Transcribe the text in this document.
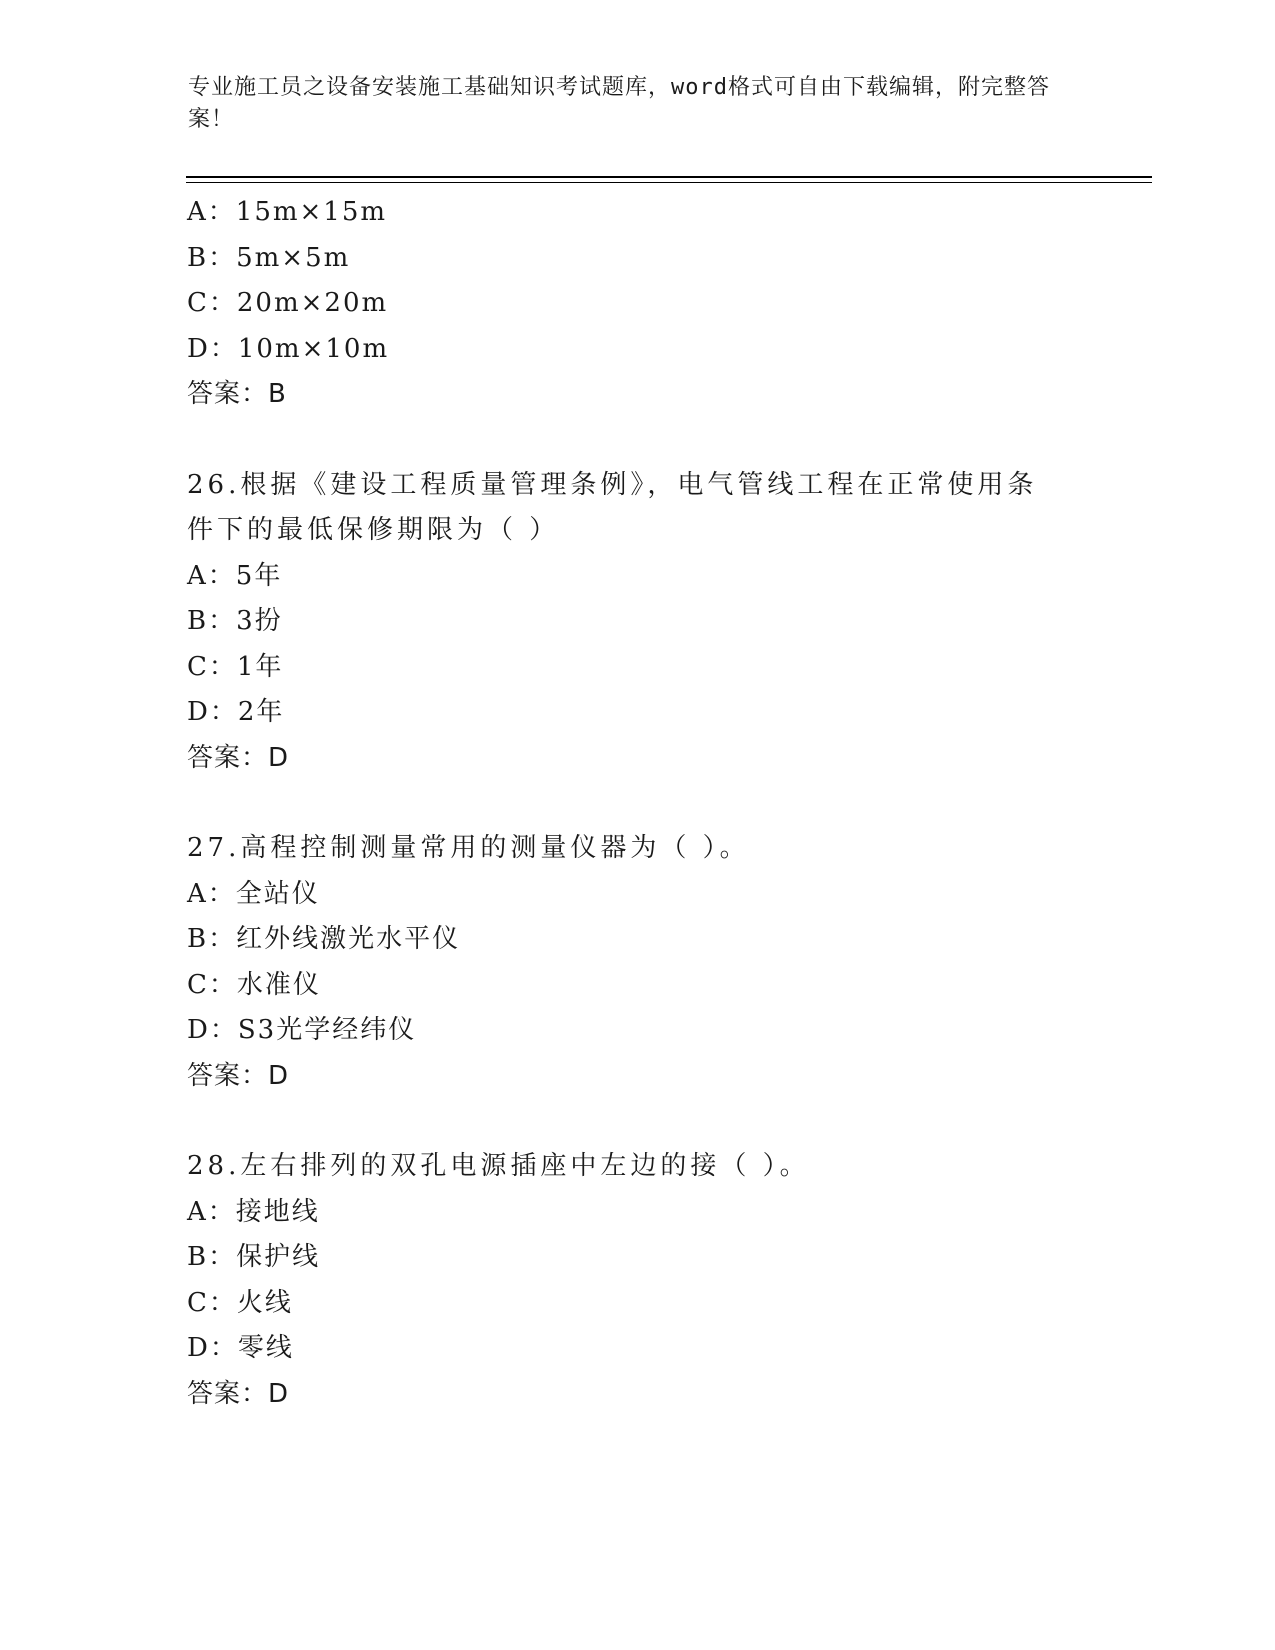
专业施工员之设备安装施工基础知识考试题库，word格式可自由下载编辑，附完整答案！
A：15m×15m
B：5m×5m
C：20m×20m
D：10m×10m
答案：B
26.根据《建设工程质量管理条例》，电气管线工程在正常使用条件下的最低保修期限为（ ）
A：5年
B：3扮
C：1年
D：2年
答案：D
27.高程控制测量常用的测量仪器为（ ）。
A：全站仪
B：红外线激光水平仪
C：水准仪
D：S3光学经纬仪
答案：D
28.左右排列的双孔电源插座中左边的接（ ）。
A：接地线
B：保护线
C：火线
D：零线
答案：D
